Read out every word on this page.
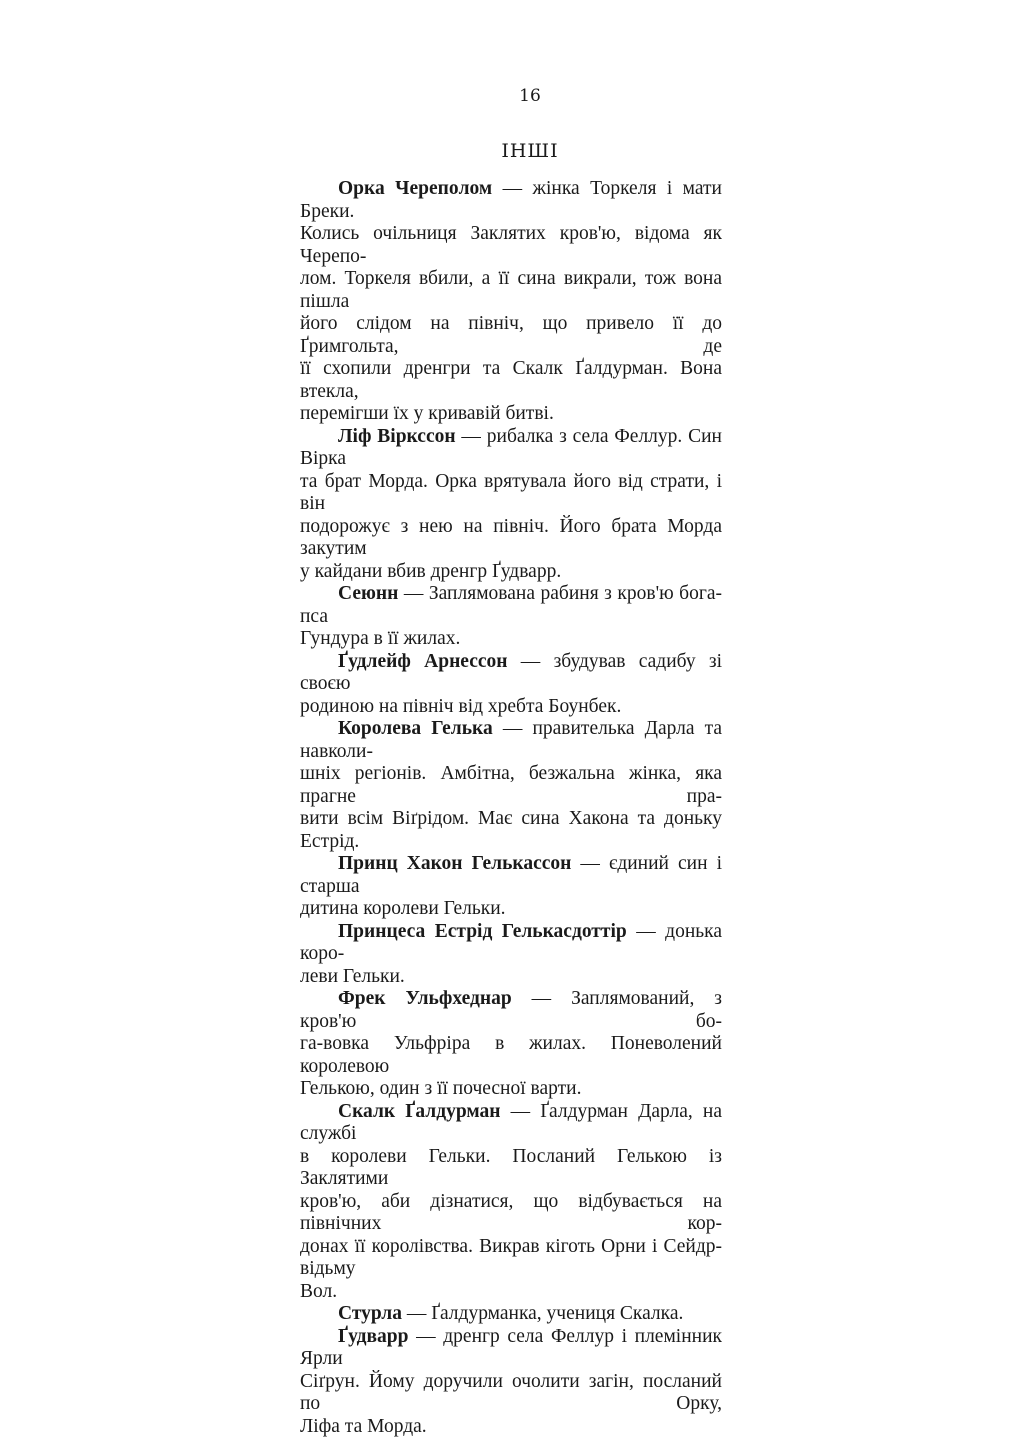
16
ІНШІ
Орка Черепoлом — жінка Торкеля і мати Бреки.
Колись очільниця Заклятих кров'ю, відома як Черепо-
лом. Торкеля вбили, а її сина викрали, тож вона пішла
його слідом на північ, що привело її до Ґримгольта, де
її схопили дренгри та Скалк Ґалдурман. Вона втекла,
перемігши їх у кривавій битві.
Ліф Віркссон — рибалка з села Феллур. Син Вірка
та брат Морда. Орка врятувала його від страти, і він
подорожує з нею на північ. Його брата Морда закутим
у кайдани вбив дренгр Ґудварр.
Сеюнн — Заплямована рабиня з кров'ю бога-пса
Гундура в її жилах.
Ґудлейф Арнессон — збудував садибу зі своєю
родиною на північ від хребта Боунбек.
Королева Гелька — правителька Дарла та навколи-
шніх регіонів. Амбітна, безжальна жінка, яка прагне пра-
вити всім Віґрідом. Має сина Хакона та доньку Естрід.
Принц Хакон Гелькассон — єдиний син і старша
дитина королеви Гельки.
Принцеса Естрід Гелькасдоттір — донька коро-
леви Гельки.
Фрек Ульфхеднар — Заплямований, з кров'ю бо-
га-вовка Ульфріра в жилах. Поневолений королевою
Гелькою, один з її почесної варти.
Скалк Ґалдурман — Ґалдурман Дарла, на службі
в королеви Гельки. Посланий Гелькою із Заклятими
кров'ю, аби дізнатися, що відбувається на північних кор-
донах її королівства. Викрав кіготь Орни і Сейдр-відьму
Вол.
Стурла — Ґалдурманка, учениця Скалка.
Ґудварр — дренгр села Феллур і племінник Ярли
Сіґрун. Йому доручили очолити загін, посланий по Орку,
Ліфа та Морда.
